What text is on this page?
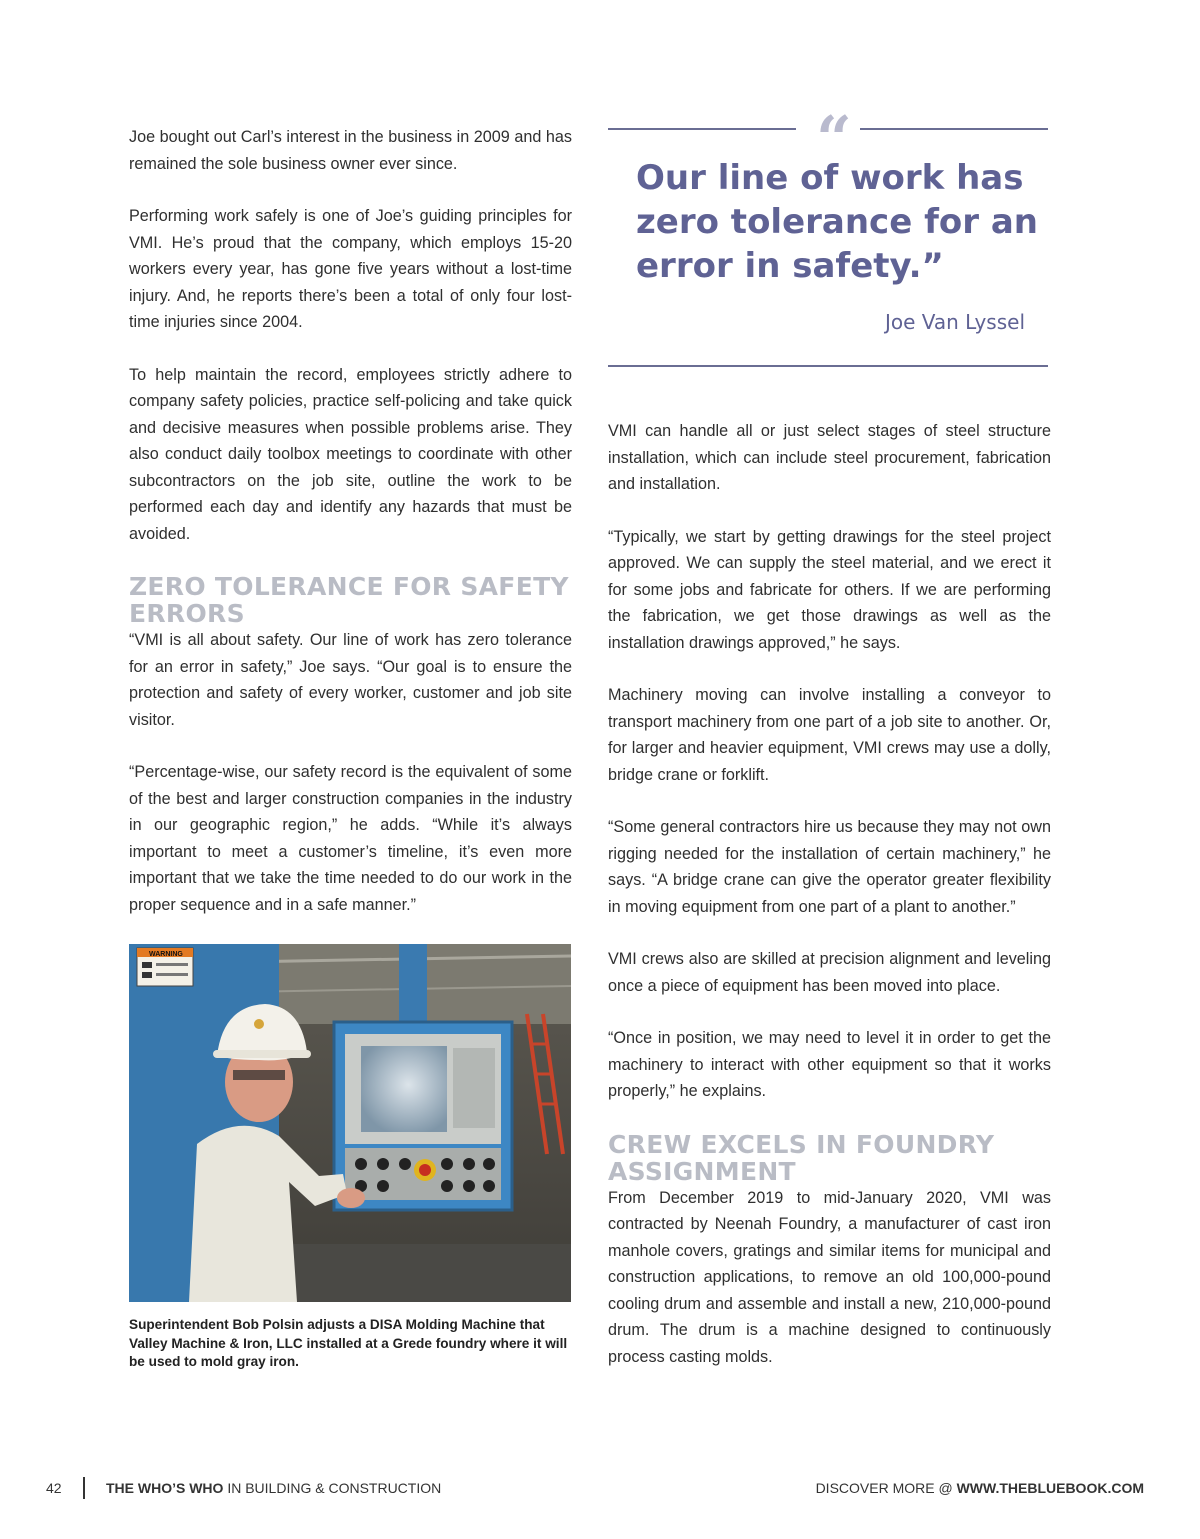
Joe bought out Carl’s interest in the business in 2009 and has remained the sole business owner ever since.

Performing work safely is one of Joe’s guiding principles for VMI. He’s proud that the company, which employs 15-20 workers every year, has gone five years without a lost-time injury. And, he reports there’s been a total of only four lost-time injuries since 2004.

To help maintain the record, employees strictly adhere to company safety policies, practice self-policing and take quick and decisive measures when possible problems arise. They also conduct daily toolbox meetings to coordinate with other subcontractors on the job site, outline the work to be performed each day and identify any hazards that must be avoided.

ZERO TOLERANCE FOR SAFETY ERRORS

“VMI is all about safety. Our line of work has zero tolerance for an error in safety,” Joe says. “Our goal is to ensure the protection and safety of every worker, customer and job site visitor.

“Percentage-wise, our safety record is the equivalent of some of the best and larger construction companies in the industry in our geographic region,” he adds. “While it’s always important to meet a customer’s timeline, it’s even more important that we take the time needed to do our work in the proper sequence and in a safe manner.”

WARNING
Superintendent Bob Polsin adjusts a DISA Molding Machine that Valley Machine & Iron, LLC installed at a Grede foundry where it will be used to mold gray iron.
“

Our line of work has zero tolerance for an error in safety.”

Joe Van Lyssel

VMI can handle all or just select stages of steel structure installation, which can include steel procurement, fabrication and installation.

“Typically, we start by getting drawings for the steel project approved. We can supply the steel material, and we erect it for some jobs and fabricate for others. If we are performing the fabrication, we get those drawings as well as the installation drawings approved,” he says.

Machinery moving can involve installing a conveyor to transport machinery from one part of a job site to another. Or, for larger and heavier equipment, VMI crews may use a dolly, bridge crane or forklift.

“Some general contractors hire us because they may not own rigging needed for the installation of certain machinery,” he says. “A bridge crane can give the operator greater flexibility in moving equipment from one part of a plant to another.”

VMI crews also are skilled at precision alignment and leveling once a piece of equipment has been moved into place.

“Once in position, we may need to level it in order to get the machinery to interact with other equipment so that it works properly,” he explains.

CREW EXCELS IN FOUNDRY ASSIGNMENT

From December 2019 to mid-January 2020, VMI was contracted by Neenah Foundry, a manufacturer of cast iron manhole covers, gratings and similar items for municipal and construction applications, to remove an old 100,000-pound cooling drum and assemble and install a new, 210,000-pound drum. The drum is a machine designed to continuously process casting molds.

42	THE WHO’S WHO IN BUILDING & CONSTRUCTION	DISCOVER MORE @ WWW.THEBLUEBOOK.COM
